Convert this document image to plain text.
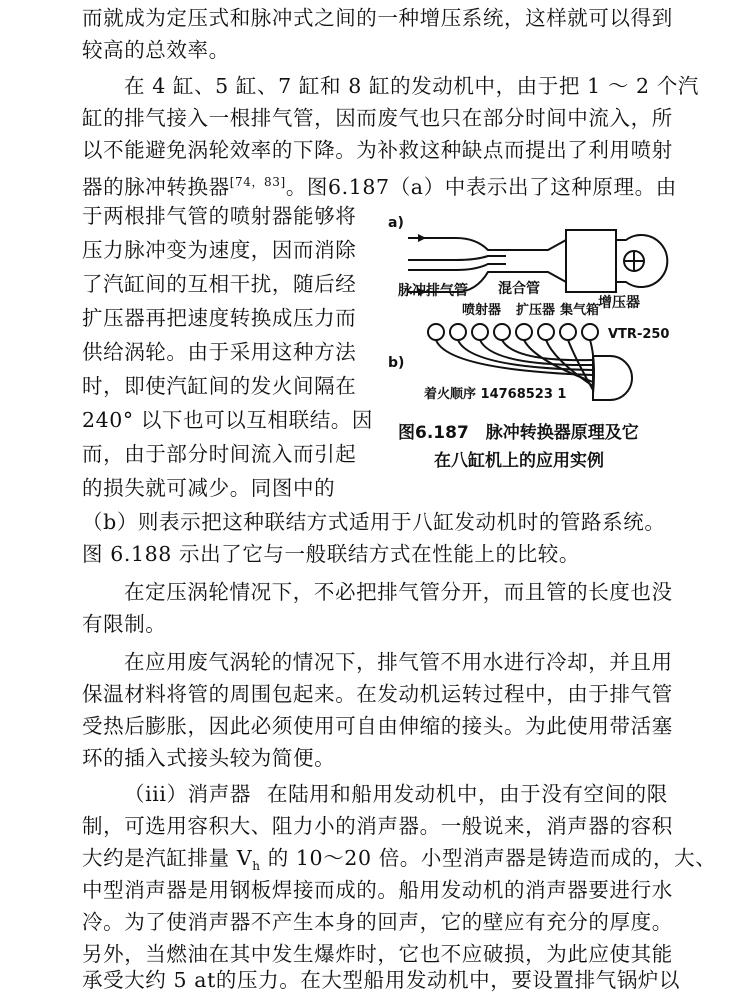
而就成为定压式和脉冲式之间的一种增压系统，这样就可以得到
较高的总效率。
在 4 缸、5 缸、7 缸和 8 缸的发动机中，由于把 1 ～ 2 个汽
缸的排气接入一根排气管，因而废气也只在部分时间中流入，所
以不能避免涡轮效率的下降。为补救这种缺点而提出了利用喷射
器的脉冲转换器[74，83]。图6.187（a）中表示出了这种原理。由
于两根排气管的喷射器能够将
压力脉冲变为速度，因而消除
了汽缸间的互相干扰，随后经
扩压器再把速度转换成压力而
供给涡轮。由于采用这种方法
时，即使汽缸间的发火间隔在
240° 以下也可以互相联结。因
而，由于部分时间流入而引起
的损失就可减少。同图中的
（b）则表示把这种联结方式适用于八缸发动机时的管路系统。
图 6.188 示出了它与一般联结方式在性能上的比较。
在定压涡轮情况下，不必把排气管分开，而且管的长度也没
有限制。
在应用废气涡轮的情况下，排气管不用水进行冷却，并且用
保温材料将管的周围包起来。在发动机运转过程中，由于排气管
受热后膨胀，因此必须使用可自由伸缩的接头。为此使用带活塞
环的插入式接头较为简便。
（iii）消声器 在陆用和船用发动机中，由于没有空间的限
制，可选用容积大、阻力小的消声器。一般说来，消声器的容积
大约是汽缸排量 $V_h$ 的 10～20 倍。小型消声器是铸造而成的，大、
中型消声器是用钢板焊接而成的。船用发动机的消声器要进行水
冷。为了使消声器不产生本身的回声，它的壁应有充分的厚度。
另外，当燃油在其中发生爆炸时，它也不应破损，为此应使其能
承受大约 5 at的压力。在大型船用发动机中，要设置排气锅炉以
a)
b)
脉冲排气管 混合管
增压器
喷射器 扩压器 集气箱
VTR-250
着火顺序 14768523 1
图6.187　脉冲转换器原理及它
在八缸机上的应用实例
